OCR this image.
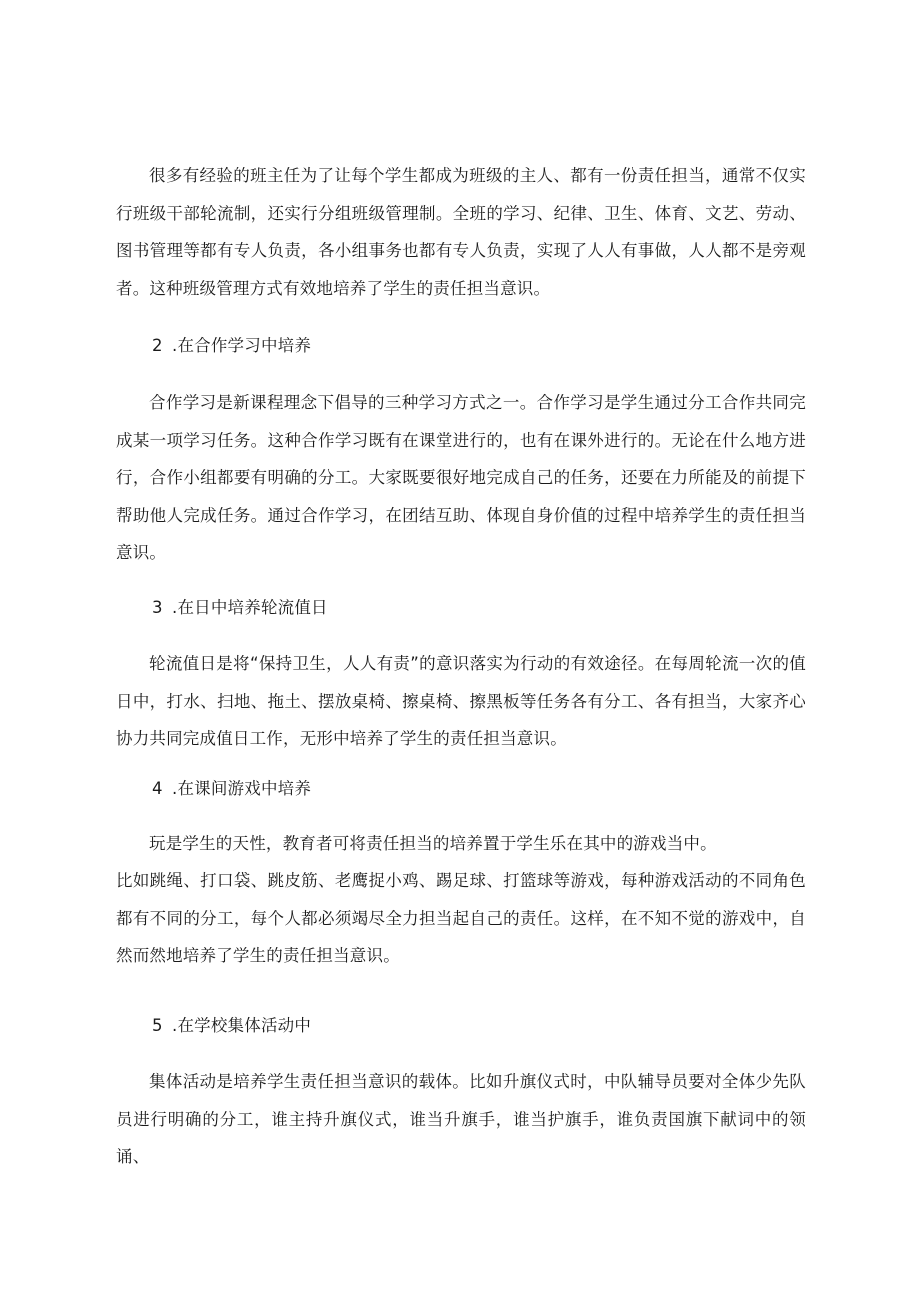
很多有经验的班主任为了让每个学生都成为班级的主人、都有一份责任担当，通常不仅实行班级干部轮流制，还实行分组班级管理制。全班的学习、纪律、卫生、体育、文艺、劳动、图书管理等都有专人负责，各小组事务也都有专人负责，实现了人人有事做，人人都不是旁观者。这种班级管理方式有效地培养了学生的责任担当意识。

2 .在合作学习中培养

合作学习是新课程理念下倡导的三种学习方式之一。合作学习是学生通过分工合作共同完成某一项学习任务。这种合作学习既有在课堂进行的，也有在课外进行的。无论在什么地方进行，合作小组都要有明确的分工。大家既要很好地完成自己的任务，还要在力所能及的前提下帮助他人完成任务。通过合作学习，在团结互助、体现自身价值的过程中培养学生的责任担当意识。

3 .在日中培养轮流值日

轮流值日是将“保持卫生，人人有责”的意识落实为行动的有效途径。在每周轮流一次的值日中，打水、扫地、拖土、摆放桌椅、擦桌椅、擦黑板等任务各有分工、各有担当，大家齐心协力共同完成值日工作，无形中培养了学生的责任担当意识。

4 .在课间游戏中培养

玩是学生的天性，教育者可将责任担当的培养置于学生乐在其中的游戏当中。

比如跳绳、打口袋、跳皮筋、老鹰捉小鸡、踢足球、打篮球等游戏，每种游戏活动的不同角色都有不同的分工，每个人都必须竭尽全力担当起自己的责任。这样，在不知不觉的游戏中，自然而然地培养了学生的责任担当意识。

5 .在学校集体活动中

集体活动是培养学生责任担当意识的载体。比如升旗仪式时，中队辅导员要对全体少先队员进行明确的分工，谁主持升旗仪式，谁当升旗手，谁当护旗手，谁负责国旗下献词中的领诵、
